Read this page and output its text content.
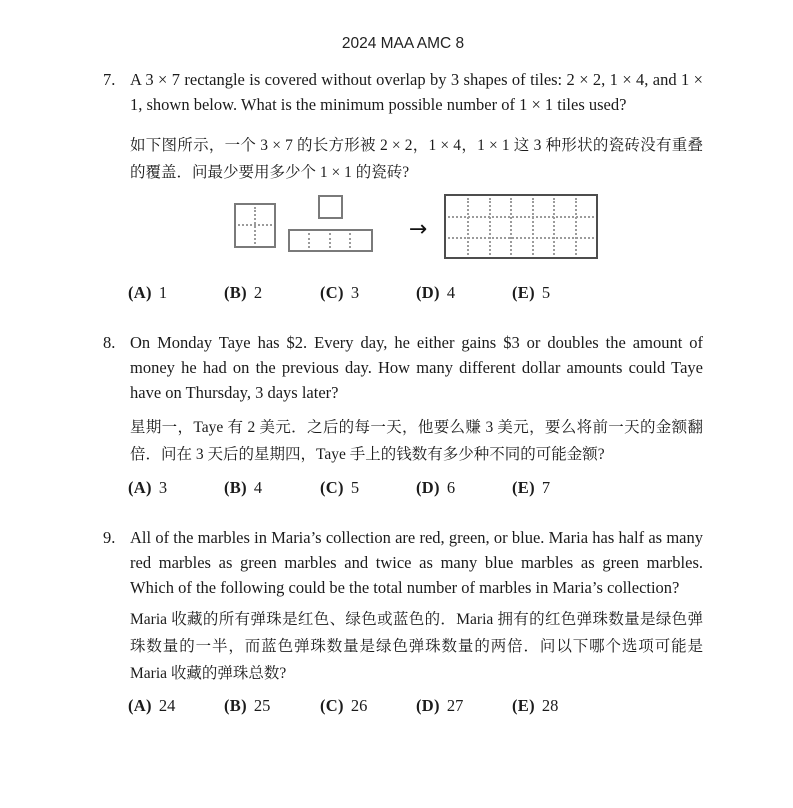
2024 MAA AMC 8
7. A 3 × 7 rectangle is covered without overlap by 3 shapes of tiles: 2 × 2, 1 × 4, and 1 × 1, shown below. What is the minimum possible number of 1 × 1 tiles used?

如下图所示，一个 3 × 7 的长方形被 2 × 2，1 × 4，1 × 1 这 3 种形状的瓷砖没有重叠的覆盖．问最少要用多少个 1 × 1 的瓷砖?

→
(A) 1	(B) 2	(C) 3	(D) 4	(E) 5
8. On Monday Taye has $2. Every day, he either gains $3 or doubles the amount of money he had on the previous day. How many different dollar amounts could Taye have on Thursday, 3 days later?

星期一，Taye 有 2 美元．之后的每一天，他要么赚 3 美元，要么将前一天的金额翻倍．问在 3 天后的星期四，Taye 手上的钱数有多少种不同的可能金额?

(A) 3	(B) 4	(C) 5	(D) 6	(E) 7
9. All of the marbles in Maria’s collection are red, green, or blue. Maria has half as many red marbles as green marbles and twice as many blue marbles as green marbles. Which of the following could be the total number of marbles in Maria’s collection?

Maria 收藏的所有弹珠是红色、绿色或蓝色的．Maria 拥有的红色弹珠数量是绿色弹珠数量的一半，而蓝色弹珠数量是绿色弹珠数量的两倍．问以下哪个选项可能是 Maria 收藏的弹珠总数?

(A) 24	(B) 25	(C) 26	(D) 27	(E) 28
